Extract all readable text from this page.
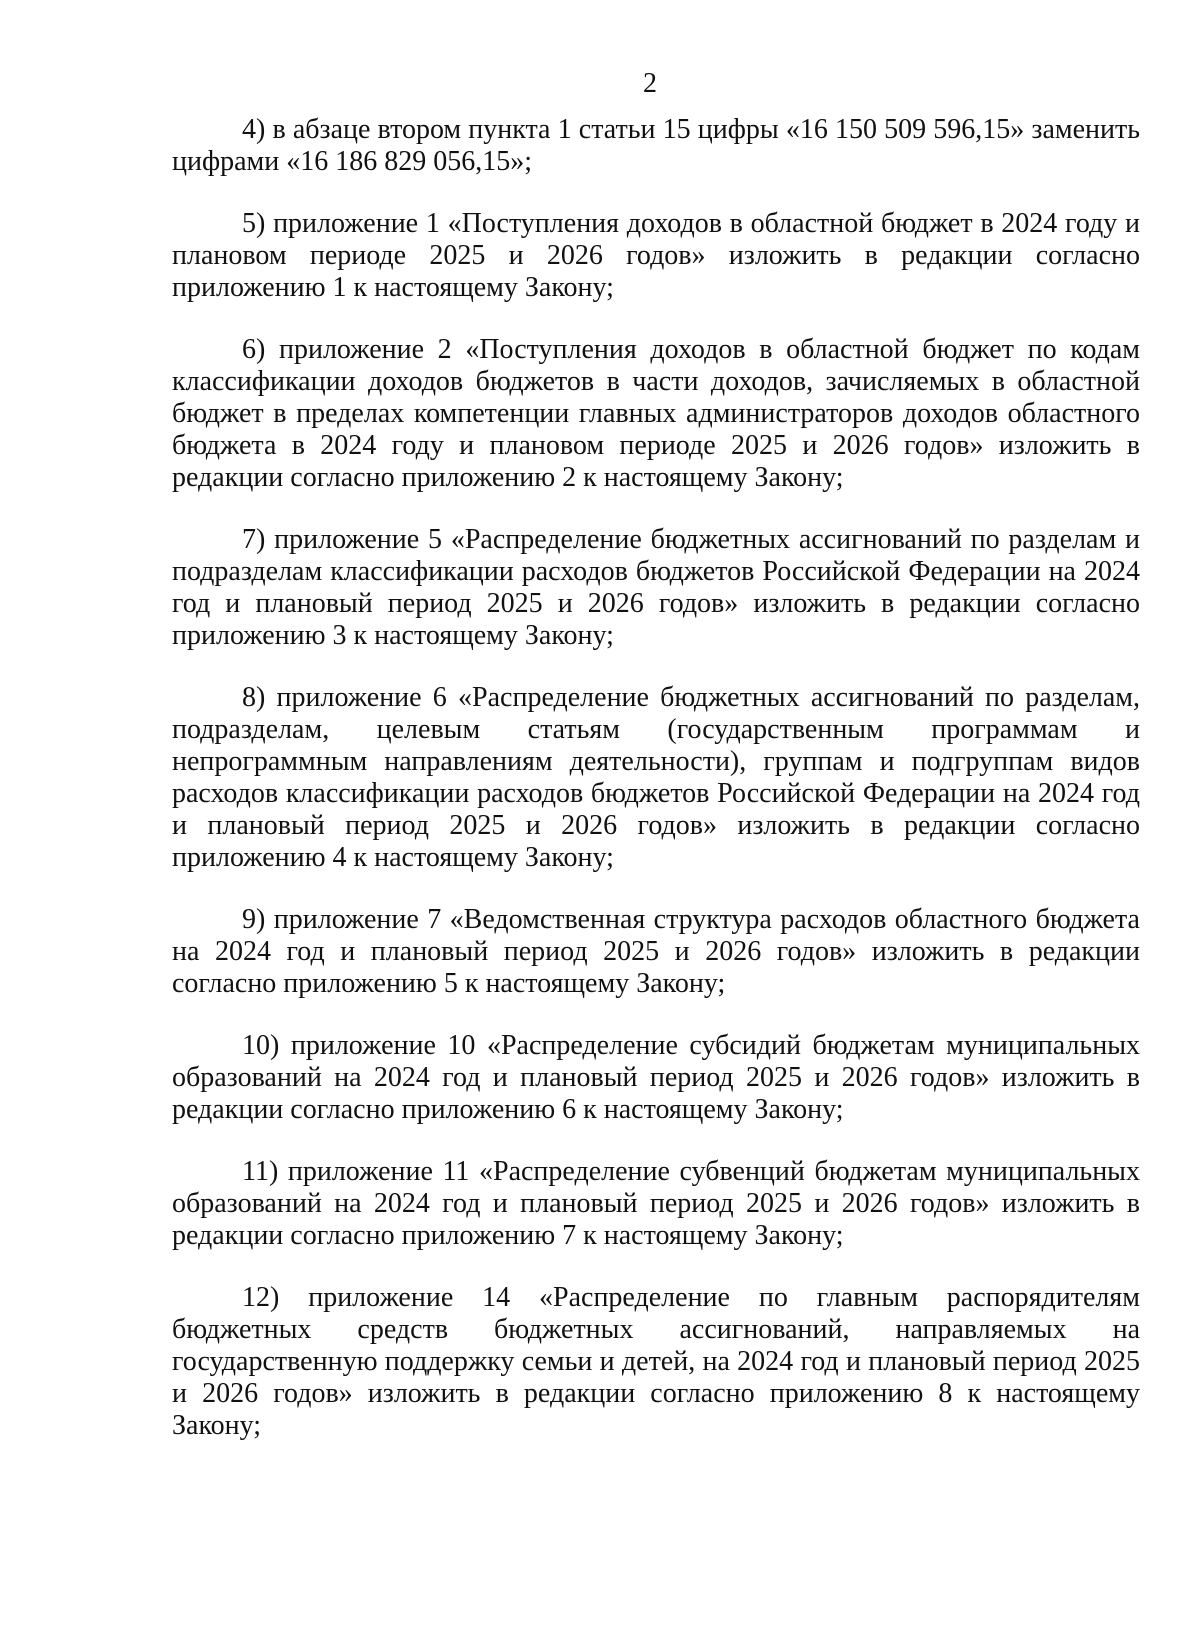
2

4) в абзаце втором пункта 1 статьи 15 цифры «16 150 509 596,15» заменить цифрами «16 186 829 056,15»;

5) приложение 1 «Поступления доходов в областной бюджет в 2024 году и плановом периоде 2025 и 2026 годов» изложить в редакции согласно приложению 1 к настоящему Закону;

6) приложение 2 «Поступления доходов в областной бюджет по кодам классификации доходов бюджетов в части доходов, зачисляемых в областной бюджет в пределах компетенции главных администраторов доходов областного бюджета в 2024 году и плановом периоде 2025 и 2026 годов» изложить в редакции согласно приложению 2 к настоящему Закону;

7) приложение 5 «Распределение бюджетных ассигнований по разделам и подразделам классификации расходов бюджетов Российской Федерации на 2024 год и плановый период 2025 и 2026 годов» изложить в редакции согласно приложению 3 к настоящему Закону;

8) приложение 6 «Распределение бюджетных ассигнований по разделам, подразделам, целевым статьям (государственным программам и непрограммным направлениям деятельности), группам и подгруппам видов расходов классификации расходов бюджетов Российской Федерации на 2024 год и плановый период 2025 и 2026 годов» изложить в редакции согласно приложению 4 к настоящему Закону;

9) приложение 7 «Ведомственная структура расходов областного бюджета на 2024 год и плановый период 2025 и 2026 годов» изложить в редакции согласно приложению 5 к настоящему Закону;

10) приложение 10 «Распределение субсидий бюджетам муниципальных образований на 2024 год и плановый период 2025 и 2026 годов» изложить в редакции согласно приложению 6 к настоящему Закону;

11) приложение 11 «Распределение субвенций бюджетам муниципальных образований на 2024 год и плановый период 2025 и 2026 годов» изложить в редакции согласно приложению 7 к настоящему Закону;

12) приложение 14 «Распределение по главным распорядителям бюджетных средств бюджетных ассигнований, направляемых на государственную поддержку семьи и детей, на 2024 год и плановый период 2025 и 2026 годов» изложить в редакции согласно приложению 8 к настоящему Закону;
